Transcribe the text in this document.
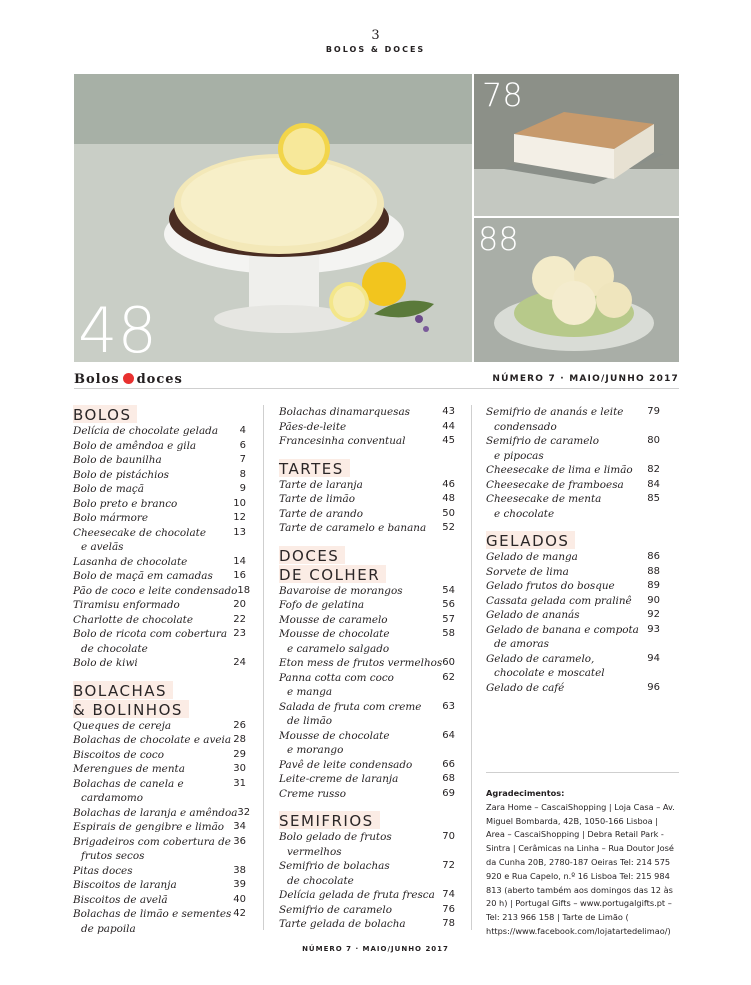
3
BOLOS & DOCES
48
78
88
Bolos doces	NÚMERO 7 · MAIO/JUNHO 2017
BOLOS
Delícia de chocolate gelada 4
Bolo de amêndoa e gila	6
Bolo de baunilha	7
Bolo de pistáchios	8
Bolo de maçã	9
Bolo preto e branco	10
Bolo mármore	12
Cheesecake de chocolate	13
e avelãs
Lasanha de chocolate	14
Bolo de maçã em camadas 16
Pão de coco e leite condensado 18
Tiramisu enformado	20
Charlotte de chocolate	22
Bolo de ricota com cobertura 23
de chocolate
Bolo de kiwi	24
BOLACHAS
& BOLINHOS
Queques de cereja	26
Bolachas de chocolate e aveia 28
Biscoitos de coco	29
Merengues de menta	30
Bolachas de canela e	31
cardamomo
Bolachas de laranja e amêndoa 32
Espirais de gengibre e limão 34
Brigadeiros com cobertura de 36
frutos secos
Pitas doces	38
Biscoitos de laranja	39
Biscoitos de avelã	40
Bolachas de limão e sementes 42
de papoila
Bolachas dinamarquesas	43
Pães-de-leite	44
Francesinha conventual	45
TARTES
Tarte de laranja	46
Tarte de limão	48
Tarte de arando	50
Tarte de caramelo e banana 52
DOCES
DE COLHER
Bavaroise de morangos	54
Fofo de gelatina	56
Mousse de caramelo	57
Mousse de chocolate	58
e caramelo salgado
Eton mess de frutos vermelhos 60
Panna cotta com coco	62
e manga
Salada de fruta com creme 63
de limão
Mousse de chocolate	64
e morango
Pavê de leite condensado	66
Leite-creme de laranja	68
Creme russo	69
SEMIFRIOS
Bolo gelado de frutos	70
vermelhos
Semifrio de bolachas	72
de chocolate
Delícia gelada de fruta fresca 74
Semifrio de caramelo	76
Tarte gelada de bolacha	78
Semifrio de ananás e leite 79
condensado
Semifrio de caramelo	80
e pipocas
Cheesecake de lima e limão 82
Cheesecake de framboesa 84
Cheesecake de menta	85
e chocolate
GELADOS
Gelado de manga	86
Sorvete de lima	88
Gelado frutos do bosque	89
Cassata gelada com pralinê 90
Gelado de ananás	92
Gelado de banana e compota 93
de amoras
Gelado de caramelo,	94
chocolate e moscatel
Gelado de café	96
Agradecimentos:
Zara Home – CascaiShopping | Loja Casa – Av. Miguel Bombarda, 42B, 1050-166 Lisboa | Area – CascaiShopping | Debra Retail Park - Sintra | Cerâmicas na Linha – Rua Doutor José da Cunha 20B, 2780-187 Oeiras Tel: 214 575 920 e Rua Capelo, n.º 16 Lisboa Tel: 215 984 813 (aberto também aos domingos das 12 às 20 h) | Portugal Gifts – www.portugalgifts.pt – Tel: 213 966 158 | Tarte de Limão ( https://www.facebook.com/lojatartedelimao/)
NÚMERO 7 · MAIO/JUNHO 2017
